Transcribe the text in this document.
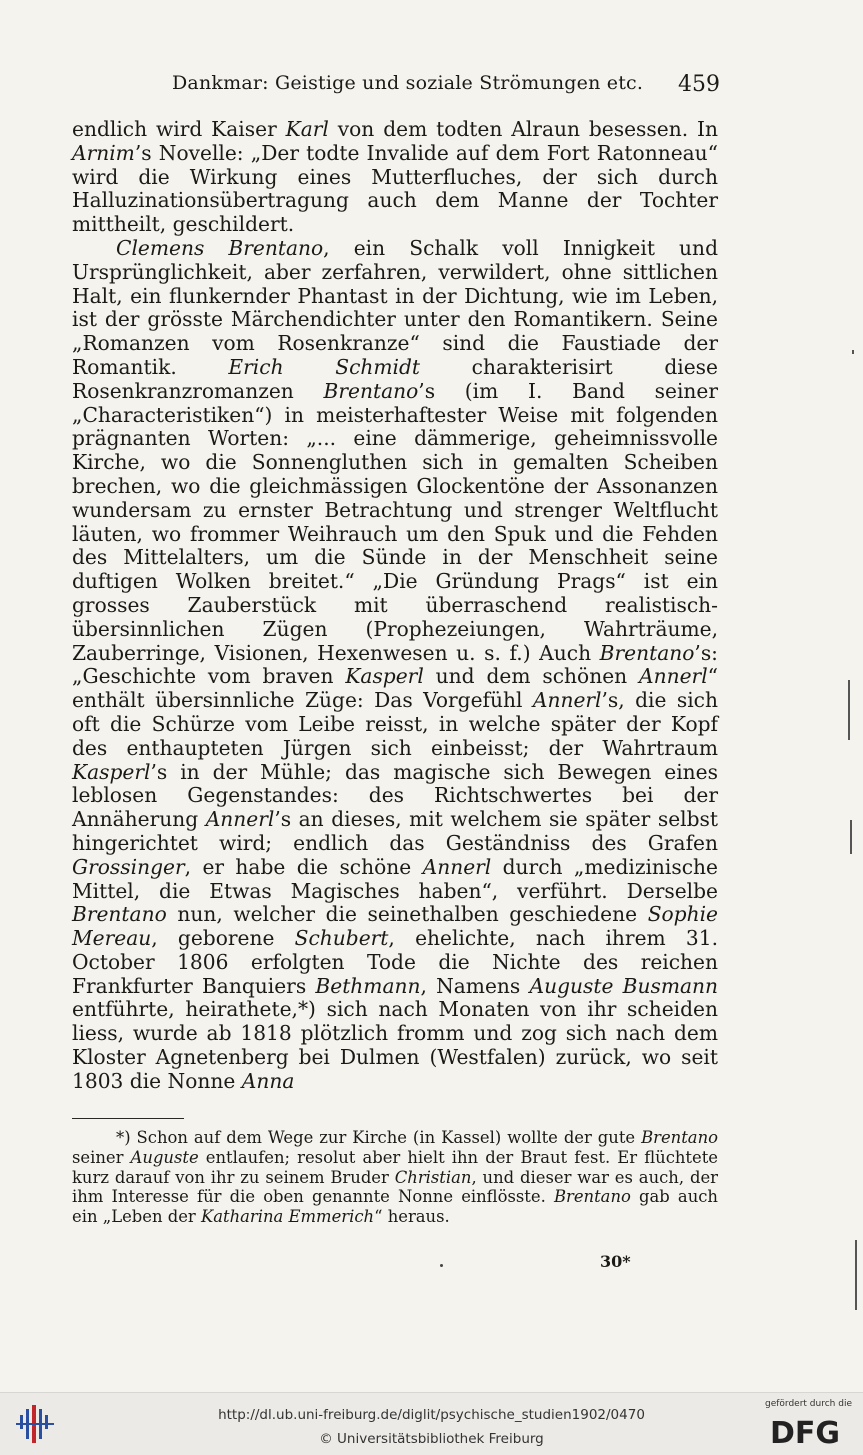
Dankmar: Geistige und soziale Strömungen etc. 459

endlich wird Kaiser Karl von dem todten Alraun besessen. In Arnim’s Novelle: „Der todte Invalide auf dem Fort Ratonneau“ wird die Wirkung eines Mutterfluches, der sich durch Halluzinationsübertragung auch dem Manne der Tochter mittheilt, geschildert.

Clemens Brentano, ein Schalk voll Innigkeit und Ursprünglichkeit, aber zerfahren, verwildert, ohne sittlichen Halt, ein flunkernder Phantast in der Dichtung, wie im Leben, ist der grösste Märchendichter unter den Romantikern. Seine „Romanzen vom Rosenkranze“ sind die Faustiade der Romantik. Erich Schmidt charakterisirt diese Rosenkranzromanzen Brentano’s (im I. Band seiner „Characteristiken“) in meisterhaftester Weise mit folgenden prägnanten Worten: „... eine dämmerige, geheimnissvolle Kirche, wo die Sonnengluthen sich in gemalten Scheiben brechen, wo die gleichmässigen Glockentöne der Assonanzen wundersam zu ernster Betrachtung und strenger Weltflucht läuten, wo frommer Weihrauch um den Spuk und die Fehden des Mittelalters, um die Sünde in der Menschheit seine duftigen Wolken breitet.“ „Die Gründung Prags“ ist ein grosses Zauberstück mit überraschend realistisch-übersinnlichen Zügen (Prophezeiungen, Wahrträume, Zauberringe, Visionen, Hexenwesen u. s. f.) Auch Brentano’s: „Geschichte vom braven Kasperl und dem schönen Annerl“ enthält übersinnliche Züge: Das Vorgefühl Annerl’s, die sich oft die Schürze vom Leibe reisst, in welche später der Kopf des enthaupteten Jürgen sich einbeisst; der Wahrtraum Kasperl’s in der Mühle; das magische sich Bewegen eines leblosen Gegenstandes: des Richtschwertes bei der Annäherung Annerl’s an dieses, mit welchem sie später selbst hingerichtet wird; endlich das Geständniss des Grafen Grossinger, er habe die schöne Annerl durch „medizinische Mittel, die Etwas Magisches haben“, verführt. Derselbe Brentano nun, welcher die seinethalben geschiedene Sophie Mereau, geborene Schubert, ehelichte, nach ihrem 31. October 1806 erfolgten Tode die Nichte des reichen Frankfurter Banquiers Bethmann, Namens Auguste Busmann entführte, heirathete,*) sich nach Monaten von ihr scheiden liess, wurde ab 1818 plötzlich fromm und zog sich nach dem Kloster Agnetenberg bei Dulmen (Westfalen) zurück, wo seit 1803 die Nonne Anna

*) Schon auf dem Wege zur Kirche (in Kassel) wollte der gute Brentano seiner Auguste entlaufen; resolut aber hielt ihn der Braut fest. Er flüchtete kurz darauf von ihr zu seinem Bruder Christian, und dieser war es auch, der ihm Interesse für die oben genannte Nonne einflösste. Brentano gab auch ein „Leben der Katharina Emmerich“ heraus.

30*
http://dl.ub.uni-freiburg.de/diglit/psychische_studien1902/0470
© Universitätsbibliothek Freiburg
gefördert durch die
DFG
